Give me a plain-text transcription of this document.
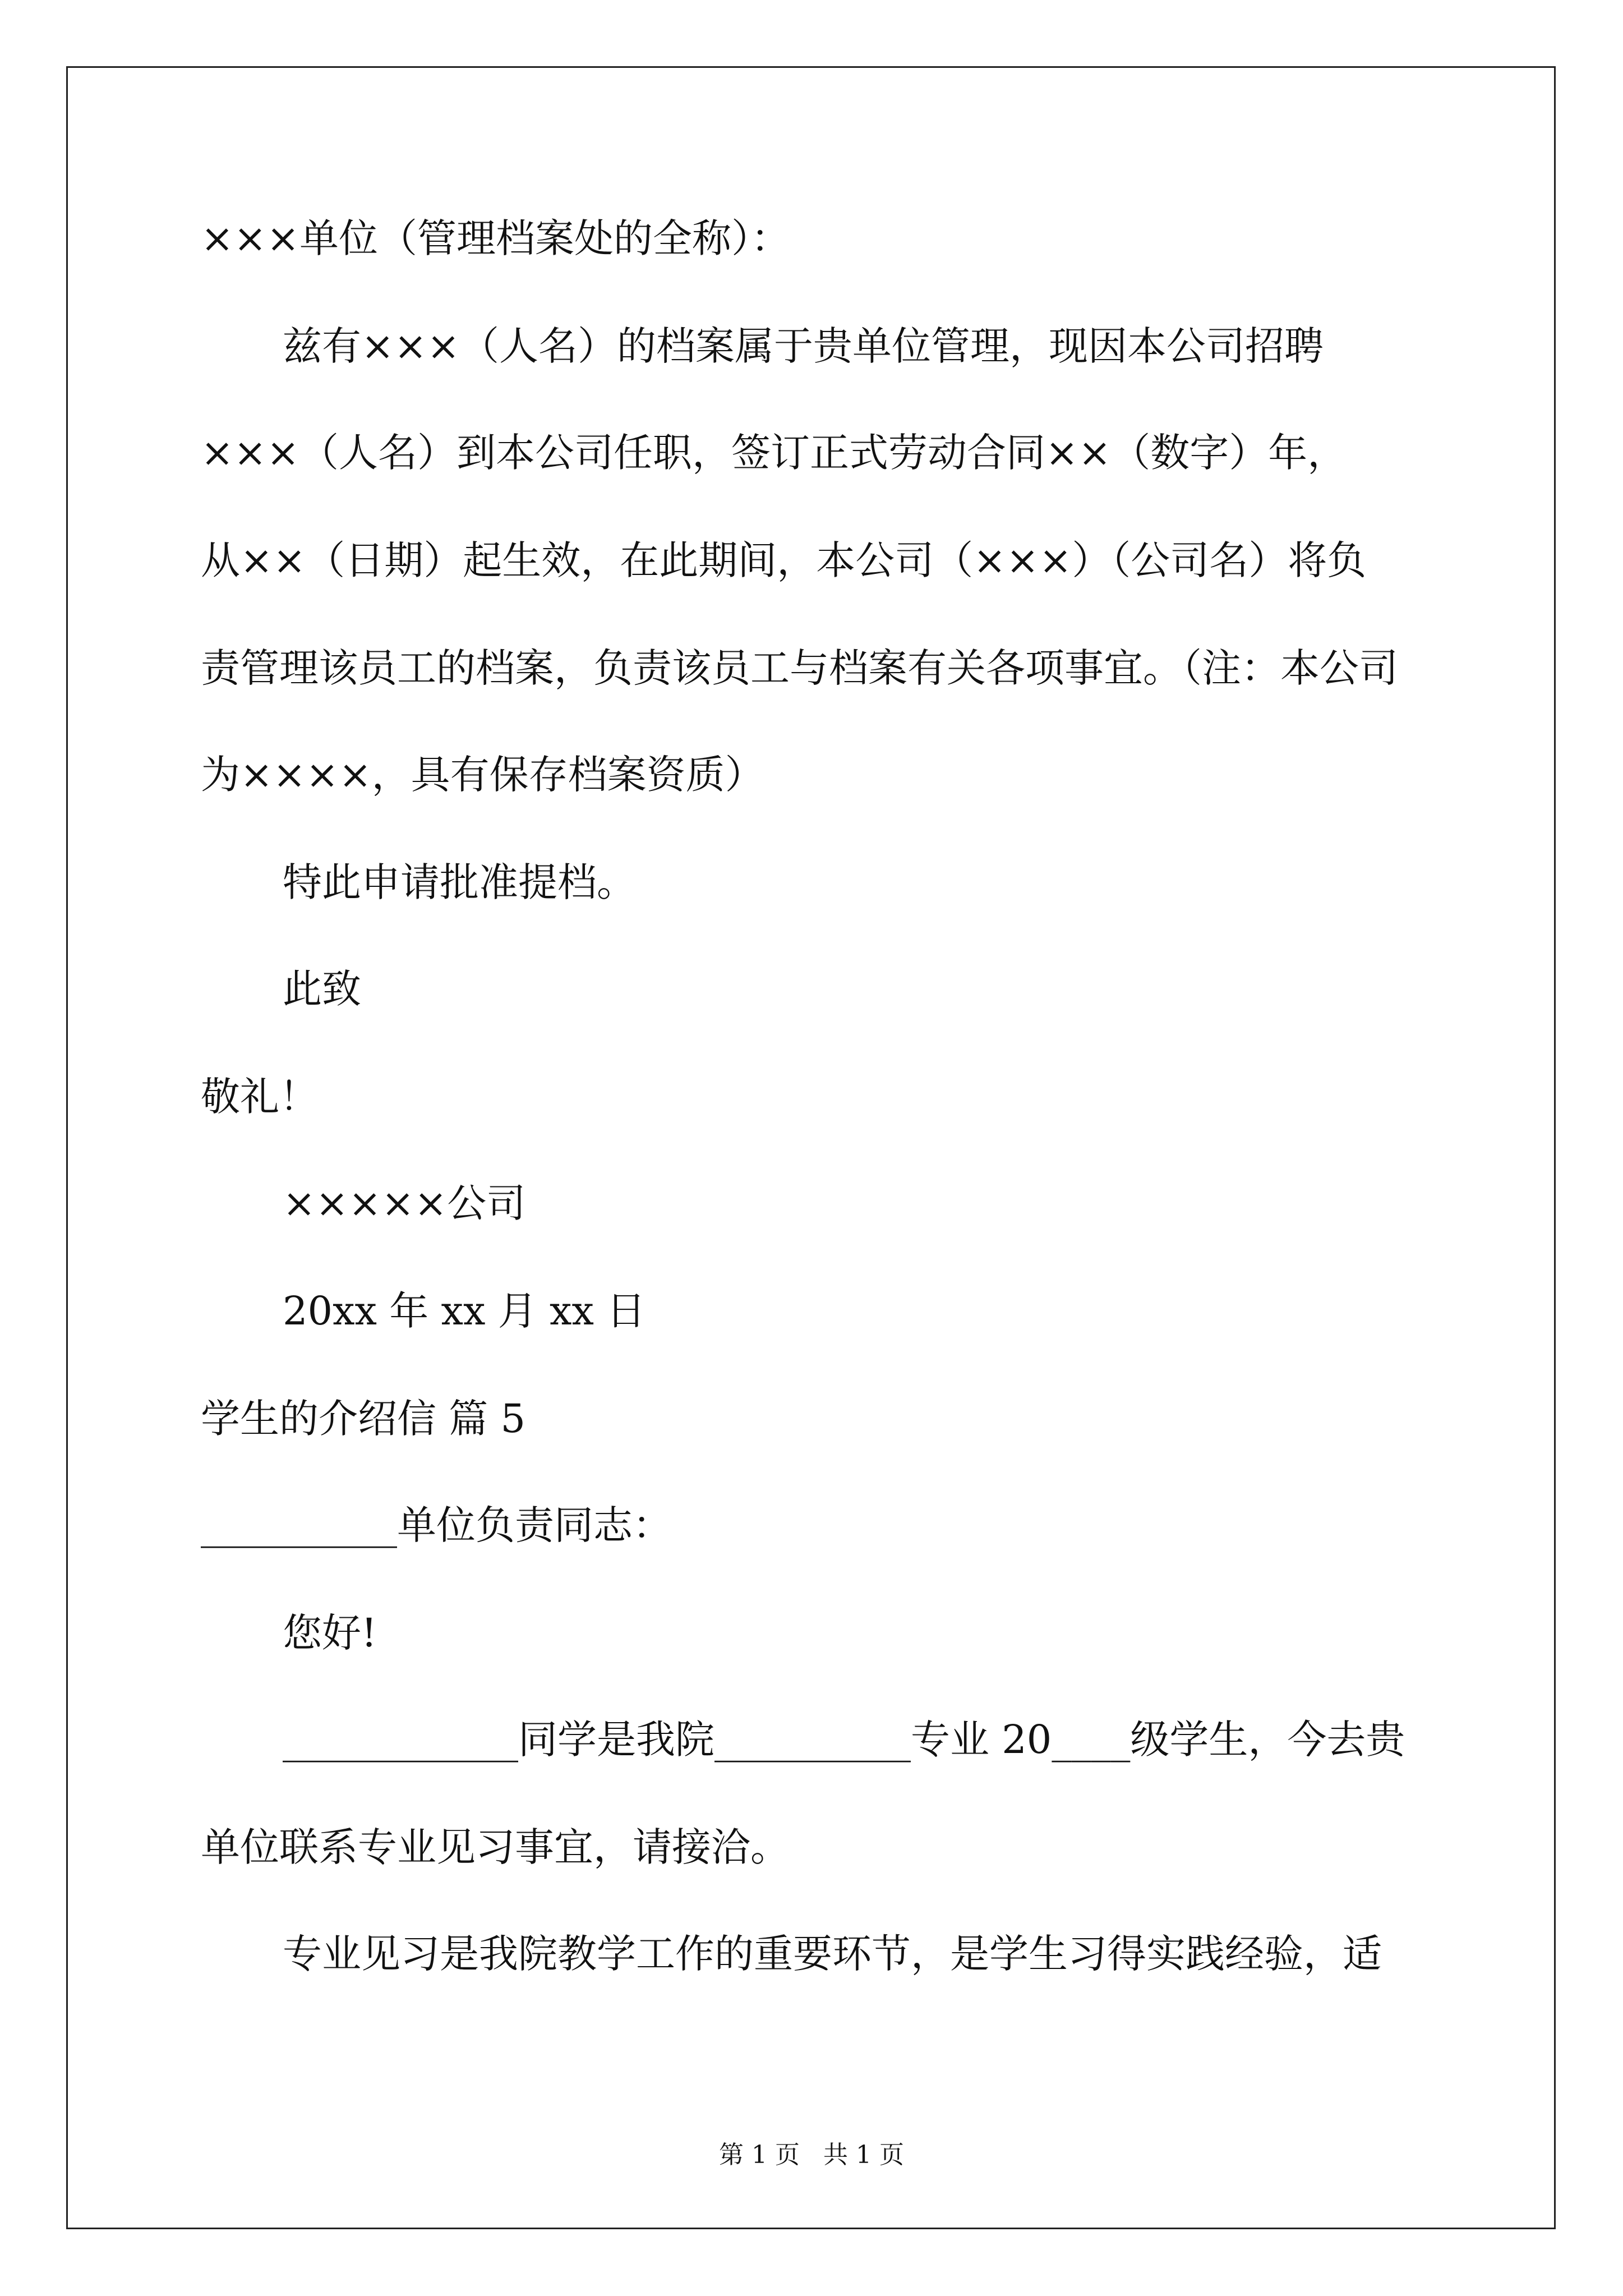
×××单位（管理档案处的全称）：
兹有×××（人名）的档案属于贵单位管理，现因本公司招聘
×××（人名）到本公司任职，签订正式劳动合同××（数字）年，
从××（日期）起生效，在此期间，本公司（×××）（公司名）将负
责管理该员工的档案，负责该员工与档案有关各项事宜。（注：本公司
为××××，具有保存档案资质）
特此申请批准提档。
此致
敬礼！
×××××公司
20xx 年 xx 月 xx 日
学生的介绍信 篇 5
__________单位负责同志：
您好!
____________同学是我院__________专业 20____级学生，今去贵
单位联系专业见习事宜，请接洽。
专业见习是我院教学工作的重要环节，是学生习得实践经验，适
第 1 页   共 1 页
